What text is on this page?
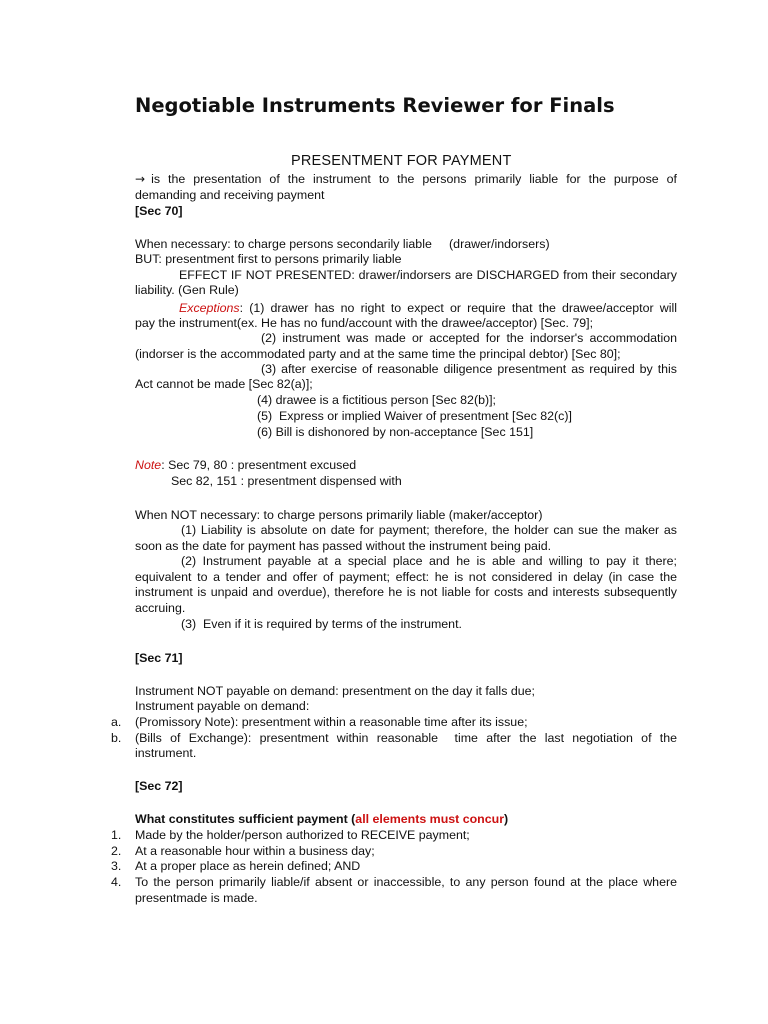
Negotiable Instruments Reviewer for Finals
PRESENTMENT FOR PAYMENT
→ is the presentation of the instrument to the persons primarily liable for the purpose of
demanding and receiving payment
[Sec 70]
When necessary: to charge persons secondarily liable     (drawer/indorsers)
BUT: presentment first to persons primarily liable
EFFECT IF NOT PRESENTED: drawer/indorsers are DISCHARGED from their secondary
liability. (Gen Rule)
Exceptions: (1) drawer has no right to expect or require that the drawee/acceptor will
pay the instrument(ex. He has no fund/account with the drawee/acceptor) [Sec. 79];
(2) instrument was made or accepted for the indorser's accommodation
(indorser is the accommodated party and at the same time the principal debtor) [Sec 80];
(3) after exercise of reasonable diligence presentment as required by this
Act cannot be made [Sec 82(a)];
(4) drawee is a fictitious person [Sec 82(b)];
(5)  Express or implied Waiver of presentment [Sec 82(c)]
(6) Bill is dishonored by non-acceptance [Sec 151]
Note: Sec 79, 80 : presentment excused
Sec 82, 151 : presentment dispensed with
When NOT necessary: to charge persons primarily liable (maker/acceptor)
(1) Liability is absolute on date for payment; therefore, the holder can sue the maker as
soon as the date for payment has passed without the instrument being paid.
(2) Instrument payable at a special place and he is able and willing to pay it there;
equivalent to a tender and offer of payment; effect: he is not considered in delay (in case the
instrument is unpaid and overdue), therefore he is not liable for costs and interests subsequently
accruing.
(3)  Even if it is required by terms of the instrument.
[Sec 71]
Instrument NOT payable on demand: presentment on the day it falls due;
Instrument payable on demand:
a. (Promissory Note): presentment within a reasonable time after its issue;
b. (Bills of Exchange): presentment within reasonable  time after the last negotiation of the
instrument.
[Sec 72]
What constitutes sufficient payment (all elements must concur)
1. Made by the holder/person authorized to RECEIVE payment;
2. At a reasonable hour within a business day;
3. At a proper place as herein defined; AND
4. To the person primarily liable/if absent or inaccessible, to any person found at the place where
presentmade is made.
